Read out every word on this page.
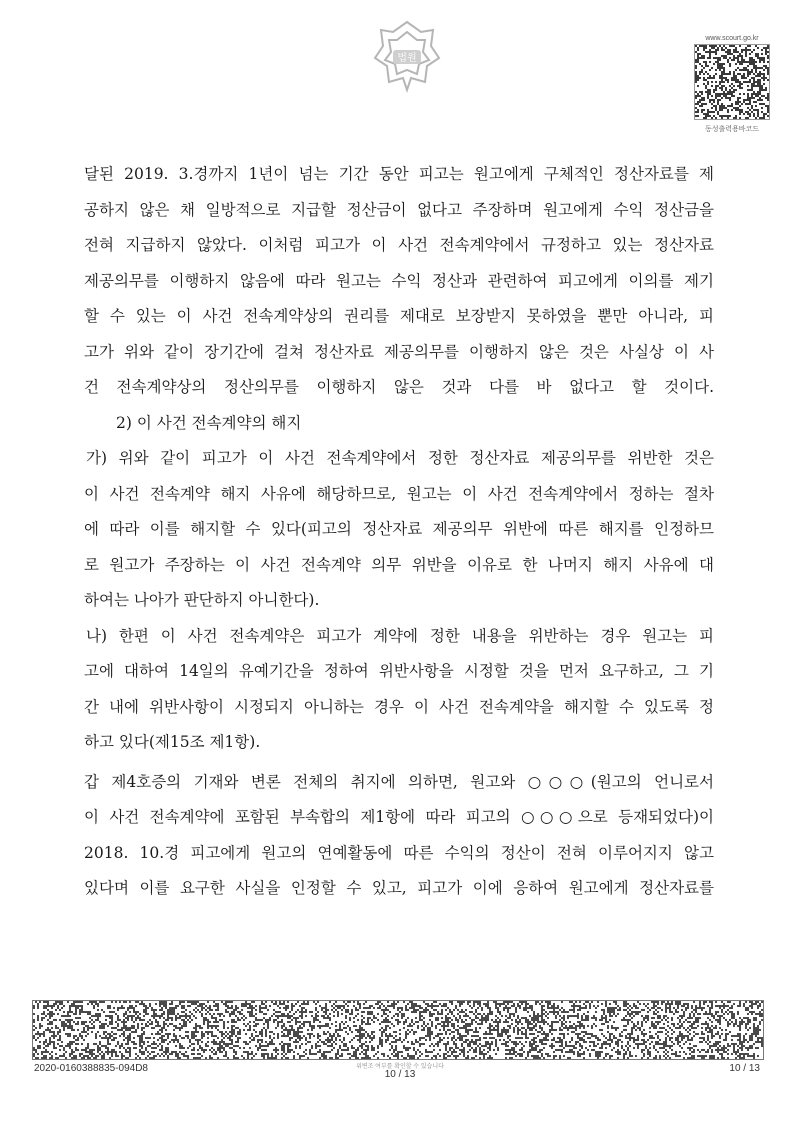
법원
www.scourt.go.kr
동성출력용바코드
달된 2019. 3.경까지 1년이 넘는 기간 동안 피고는 원고에게 구체적인 정산자료를 제
공하지 않은 채 일방적으로 지급할 정산금이 없다고 주장하며 원고에게 수익 정산금을
전혀 지급하지 않았다. 이처럼 피고가 이 사건 전속계약에서 규정하고 있는 정산자료
제공의무를 이행하지 않음에 따라 원고는 수익 정산과 관련하여 피고에게 이의를 제기
할 수 있는 이 사건 전속계약상의 권리를 제대로 보장받지 못하였을 뿐만 아니라, 피
고가 위와 같이 장기간에 걸쳐 정산자료 제공의무를 이행하지 않은 것은 사실상 이 사
건 전속계약상의 정산의무를 이행하지 않은 것과 다를 바 없다고 할 것이다.
2) 이 사건 전속계약의 해지
가) 위와 같이 피고가 이 사건 전속계약에서 정한 정산자료 제공의무를 위반한 것은
이 사건 전속계약 해지 사유에 해당하므로, 원고는 이 사건 전속계약에서 정하는 절차
에 따라 이를 해지할 수 있다(피고의 정산자료 제공의무 위반에 따른 해지를 인정하므
로 원고가 주장하는 이 사건 전속계약 의무 위반을 이유로 한 나머지 해지 사유에 대
하여는 나아가 판단하지 아니한다).
나) 한편 이 사건 전속계약은 피고가 계약에 정한 내용을 위반하는 경우 원고는 피
고에 대하여 14일의 유예기간을 정하여 위반사항을 시정할 것을 먼저 요구하고, 그 기
간 내에 위반사항이 시정되지 아니하는 경우 이 사건 전속계약을 해지할 수 있도록 정
하고 있다(제15조 제1항).
갑 제4호증의 기재와 변론 전체의 취지에 의하면, 원고와 ○○○(원고의 언니로서
이 사건 전속계약에 포함된 부속합의 제1항에 따라 피고의 ○○○으로 등재되었다)이
2018. 10.경 피고에게 원고의 연예활동에 따른 수익의 정산이 전혀 이루어지지 않고
있다며 이를 요구한 사실을 인정할 수 있고, 피고가 이에 응하여 원고에게 정산자료를
2020-0160388835-094D8	위변조 여부를 확인할 수 있습니다
10 / 13
10 / 13
